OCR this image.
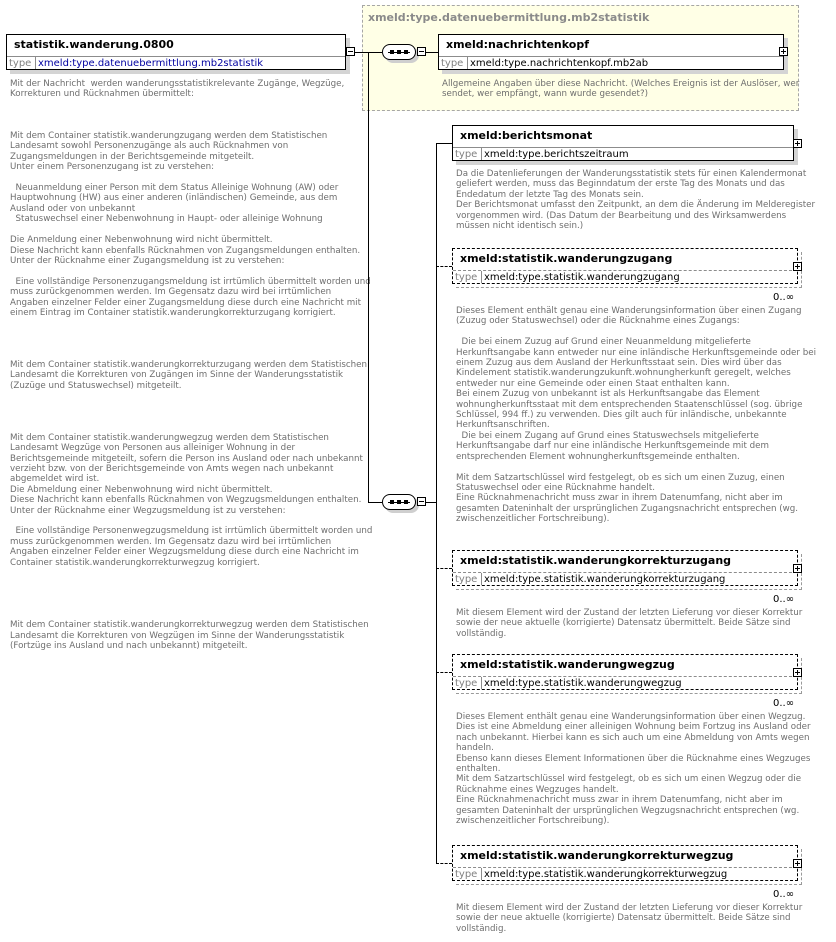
xmeld:type.datenuebermittlung.mb2statistik
statistik.wanderung.0800
type xmeld:type.datenuebermittlung.mb2statistik
Mit der Nachricht  werden wanderungsstatistikrelevante Zugänge, Wegzüge,
Korrekturen und Rücknahmen übermittelt:

Mit dem Container statistik.wanderungzugang werden dem Statistischen
Landesamt sowohl Personenzugänge als auch Rücknahmen von
Zugangsmeldungen in der Berichtsgemeinde mitgeteilt.
Unter einem Personenzugang ist zu verstehen:

Neuanmeldung einer Person mit dem Status Alleinige Wohnung (AW) oder
Hauptwohnung (HW) aus einer anderen (inländischen) Gemeinde, aus dem
Ausland oder von unbekannt
Statuswechsel einer Nebenwohnung in Haupt- oder alleinige Wohnung

Die Anmeldung einer Nebenwohnung wird nicht übermittelt.
Diese Nachricht kann ebenfalls Rücknahmen von Zugangsmeldungen enthalten.
Unter der Rücknahme einer Zugangsmeldung ist zu verstehen:

Eine vollständige Personenzugangsmeldung ist irrtümlich übermittelt worden und
muss zurückgenommen werden. Im Gegensatz dazu wird bei irrtümlichen
Angaben einzelner Felder einer Zugangsmeldung diese durch eine Nachricht mit
einem Eintrag im Container statistik.wanderungkorrekturzugang korrigiert.

Mit dem Container statistik.wanderungkorrekturzugang werden dem Statistischen
Landesamt die Korrekturen von Zugängen im Sinne der Wanderungsstatistik
(Zuzüge und Statuswechsel) mitgeteilt.

Mit dem Container statistik.wanderungwegzug werden dem Statistischen
Landesamt Wegzüge von Personen aus alleiniger Wohnung in der
Berichtsgemeinde mitgeteilt, sofern die Person ins Ausland oder nach unbekannt
verzieht bzw. von der Berichtsgemeinde von Amts wegen nach unbekannt
abgemeldet wird ist.
Die Abmeldung einer Nebenwohnung wird nicht übermittelt.
Diese Nachricht kann ebenfalls Rücknahmen von Wegzugsmeldungen enthalten.
Unter der Rücknahme einer Wegzugsmeldung ist zu verstehen:

Eine vollständige Personenwegzugsmeldung ist irrtümlich übermittelt worden und
muss zurückgenommen werden. Im Gegensatz dazu wird bei irrtümlichen
Angaben einzelner Felder einer Wegzugsmeldung diese durch eine Nachricht im
Container statistik.wanderungkorrekturwegzug korrigiert.

Mit dem Container statistik.wanderungkorrekturwegzug werden dem Statistischen
Landesamt die Korrekturen von Wegzügen im Sinne der Wanderungsstatistik
(Fortzüge ins Ausland und nach unbekannt) mitgeteilt.
xmeld:nachrichtenkopf
type xmeld:type.nachrichtenkopf.mb2ab
Allgemeine Angaben über diese Nachricht. (Welches Ereignis ist der Auslöser, wer
sendet, wer empfängt, wann wurde gesendet?)
xmeld:berichtsmonat
type xmeld:type.berichtszeitraum
Da die Datenlieferungen der Wanderungsstatistik stets für einen Kalendermonat
geliefert werden, muss das Beginndatum der erste Tag des Monats und das
Endedatum der letzte Tag des Monats sein.
Der Berichtsmonat umfasst den Zeitpunkt, an dem die Änderung im Melderegister
vorgenommen wird. (Das Datum der Bearbeitung und des Wirksamwerdens
müssen nicht identisch sein.)
xmeld:statistik.wanderungzugang
type xmeld:type.statistik.wanderungzugang
0..∞
Dieses Element enthält genau eine Wanderungsinformation über einen Zugang
(Zuzug oder Statuswechsel) oder die Rücknahme eines Zugangs:

Die bei einem Zuzug auf Grund einer Neuanmeldung mitgelieferte
Herkunftsangabe kann entweder nur eine inländische Herkunftsgemeinde oder bei
einem Zuzug aus dem Ausland der Herkunftsstaat sein. Dies wird über das
Kindelement statistik.wanderungzukunft.wohnungherkunft geregelt, welches
entweder nur eine Gemeinde oder einen Staat enthalten kann.
Bei einem Zuzug von unbekannt ist als Herkunftsangabe das Element
wohnungherkunftsstaat mit dem entsprechenden Staatenschlüssel (sog. übrige
Schlüssel, 994 ff.) zu verwenden. Dies gilt auch für inländische, unbekannte
Herkunftsanschriften.
Die bei einem Zugang auf Grund eines Statuswechsels mitgelieferte
Herkunftsangabe darf nur eine inländische Herkunftsgemeinde mit dem
entsprechenden Element wohnungherkunftsgemeinde enthalten.

Mit dem Satzartschlüssel wird festgelegt, ob es sich um einen Zuzug, einen
Statuswechsel oder eine Rücknahme handelt.
Eine Rücknahmenachricht muss zwar in ihrem Datenumfang, nicht aber im
gesamten Dateninhalt der ursprünglichen Zugangsnachricht entsprechen (wg.
zwischenzeitlicher Fortschreibung).
xmeld:statistik.wanderungkorrekturzugang
type xmeld:type.statistik.wanderungkorrekturzugang
0..∞
Mit diesem Element wird der Zustand der letzten Lieferung vor dieser Korrektur
sowie der neue aktuelle (korrigierte) Datensatz übermittelt. Beide Sätze sind
vollständig.
xmeld:statistik.wanderungwegzug
type xmeld:type.statistik.wanderungwegzug
0..∞
Dieses Element enthält genau eine Wanderungsinformation über einen Wegzug.
Dies ist eine Abmeldung einer alleinigen Wohnung beim Fortzug ins Ausland oder
nach unbekannt. Hierbei kann es sich auch um eine Abmeldung von Amts wegen
handeln.
Ebenso kann dieses Element Informationen über die Rücknahme eines Wegzuges
enthalten.
Mit dem Satzartschlüssel wird festgelegt, ob es sich um einen Wegzug oder die
Rücknahme eines Wegzuges handelt.
Eine Rücknahmenachricht muss zwar in ihrem Datenumfang, nicht aber im
gesamten Dateninhalt der ursprünglichen Wegzugsnachricht entsprechen (wg.
zwischenzeitlicher Fortschreibung).
xmeld:statistik.wanderungkorrekturwegzug
type xmeld:type.statistik.wanderungkorrekturwegzug
0..∞
Mit diesem Element wird der Zustand der letzten Lieferung vor dieser Korrektur
sowie der neue aktuelle (korrigierte) Datensatz übermittelt. Beide Sätze sind
vollständig.
